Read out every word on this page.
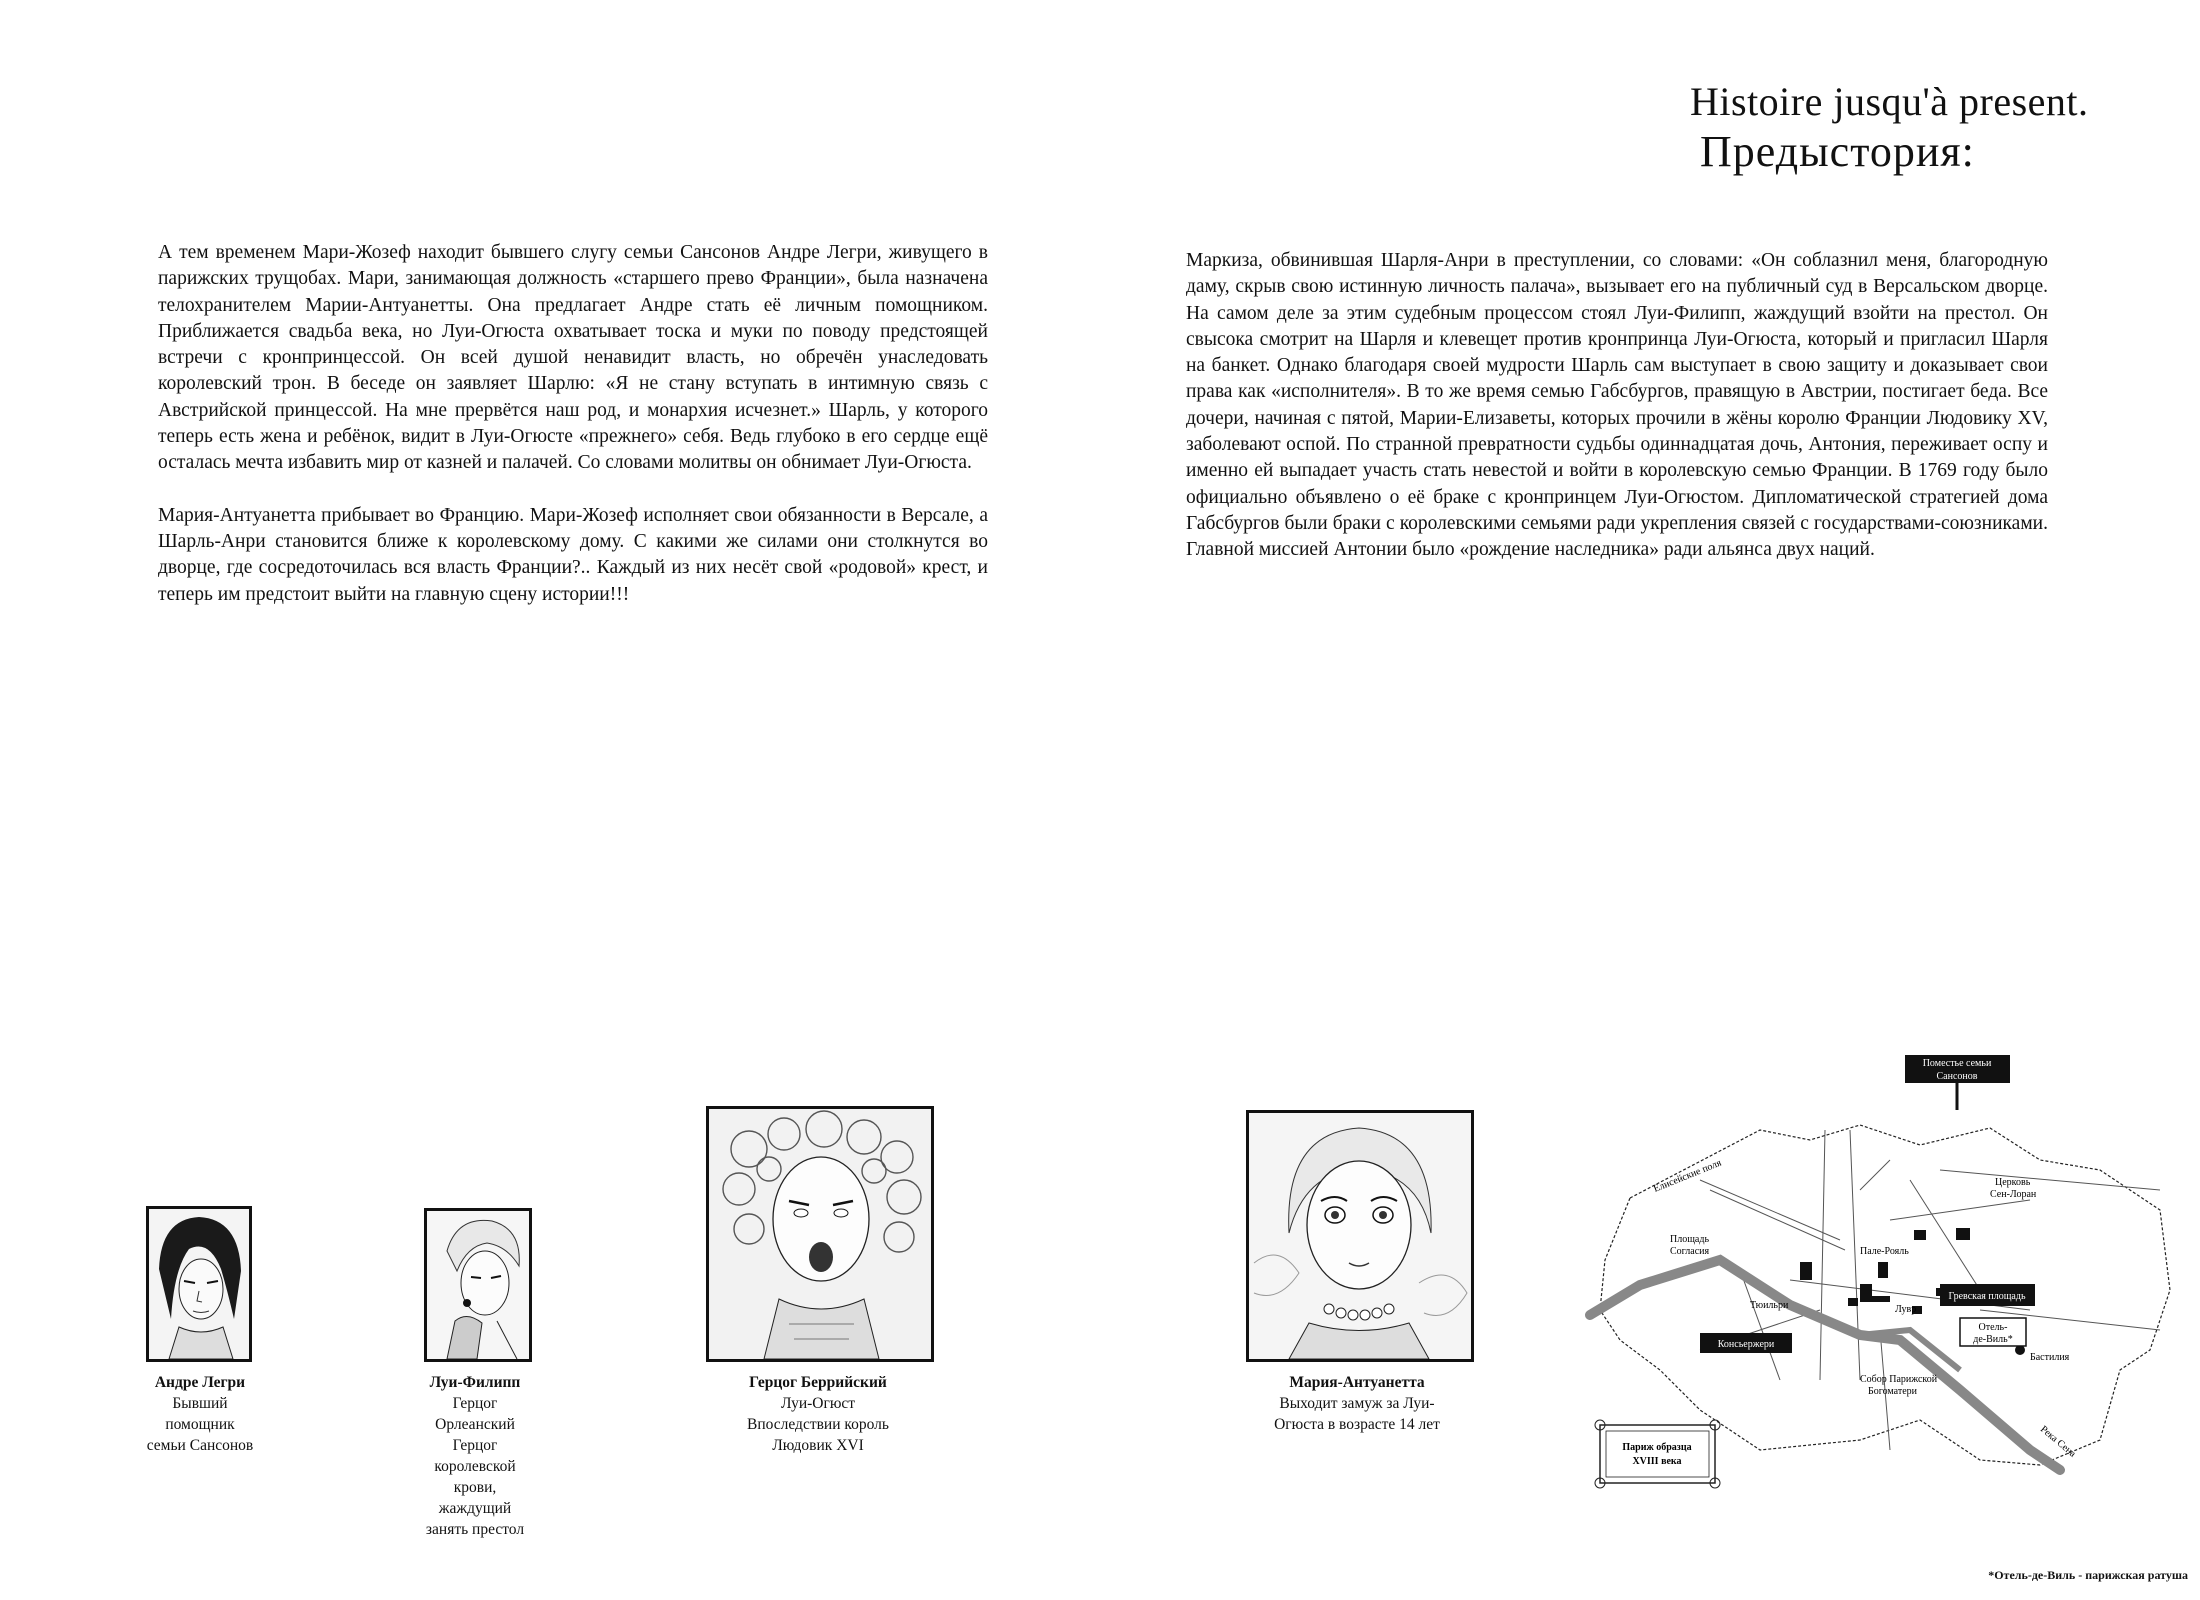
Histoire jusqu'à present.
Предыстория:

А тем временем Мари-Жозеф находит бывшего слугу семьи Сансонов Андре Легри, живущего в парижских трущобах. Мари, занимающая должность «старшего прево Франции», была назначена телохранителем Марии-Антуанетты. Она предлагает Андре стать её личным помощником. Приближается свадьба века, но Луи-Огюста охватывает тоска и муки по поводу предстоящей встречи с кронпринцессой. Он всей душой ненавидит власть, но обречён унаследовать королевский трон. В беседе он заявляет Шарлю: «Я не стану вступать в интимную связь с Австрийской принцессой. На мне прервётся наш род, и монархия исчезнет.» Шарль, у которого теперь есть жена и ребёнок, видит в Луи-Огюсте «прежнего» себя. Ведь глубоко в его сердце ещё осталась мечта избавить мир от казней и палачей. Со словами молитвы он обнимает Луи-Огюста.

Мария-Антуанетта прибывает во Францию. Мари-Жозеф исполняет свои обязанности в Версале, а Шарль-Анри становится ближе к королевскому дому. С какими же силами они столкнутся во дворце, где сосредоточилась вся власть Франции?.. Каждый из них несёт свой «родовой» крест, и теперь им предстоит выйти на главную сцену истории!!!

Маркиза, обвинившая Шарля-Анри в преступлении, со словами: «Он соблазнил меня, благородную даму, скрыв свою истинную личность палача», вызывает его на публичный суд в Версальском дворце. На самом деле за этим судебным процессом стоял Луи-Филипп, жаждущий взойти на престол. Он свысока смотрит на Шарля и клевещет против кронпринца Луи-Огюста, который и пригласил Шарля на банкет. Однако благодаря своей мудрости Шарль сам выступает в свою защиту и доказывает свои права как «исполнителя». В то же время семью Габсбургов, правящую в Австрии, постигает беда. Все дочери, начиная с пятой, Марии-Елизаветы, которых прочили в жёны королю Франции Людовику XV, заболевают оспой. По странной превратности судьбы одиннадцатая дочь, Антония, переживает оспу и именно ей выпадает участь стать невестой и войти в королевскую семью Франции. В 1769 году было официально объявлено о её браке с кронпринцем Луи-Огюстом. Дипломатической стратегией дома Габсбургов были браки с королевскими семьями ради укрепления связей с государствами-союзниками. Главной миссией Антонии было «рождение наследника» ради альянса двух наций.

Андре Легри
Бывший
помощник
семьи Сансонов
Луи-Филипп
Герцог
Орлеанский
Герцог
королевской
крови,
жаждущий
занять престол
Герцог Беррийский
Луи-Огюст
Впоследствии король
Людовик XVI
Мария-Антуанетта
Выходит замуж за Луи-
Огюста в возрасте 14 лет
Поместье семьи
Сансонов
Гревская площадь
Консьержери
Отель-
де-Виль*
Церковь
Сен-Лоран
Елисейские поля
Площадь
Согласия	Пале-Рояль
Тюильри	Лувр
Бастилия
Собор Парижской
Богоматери
Река Сена
Париж образца
XVIII века
*Отель-де-Виль - парижская ратуша
